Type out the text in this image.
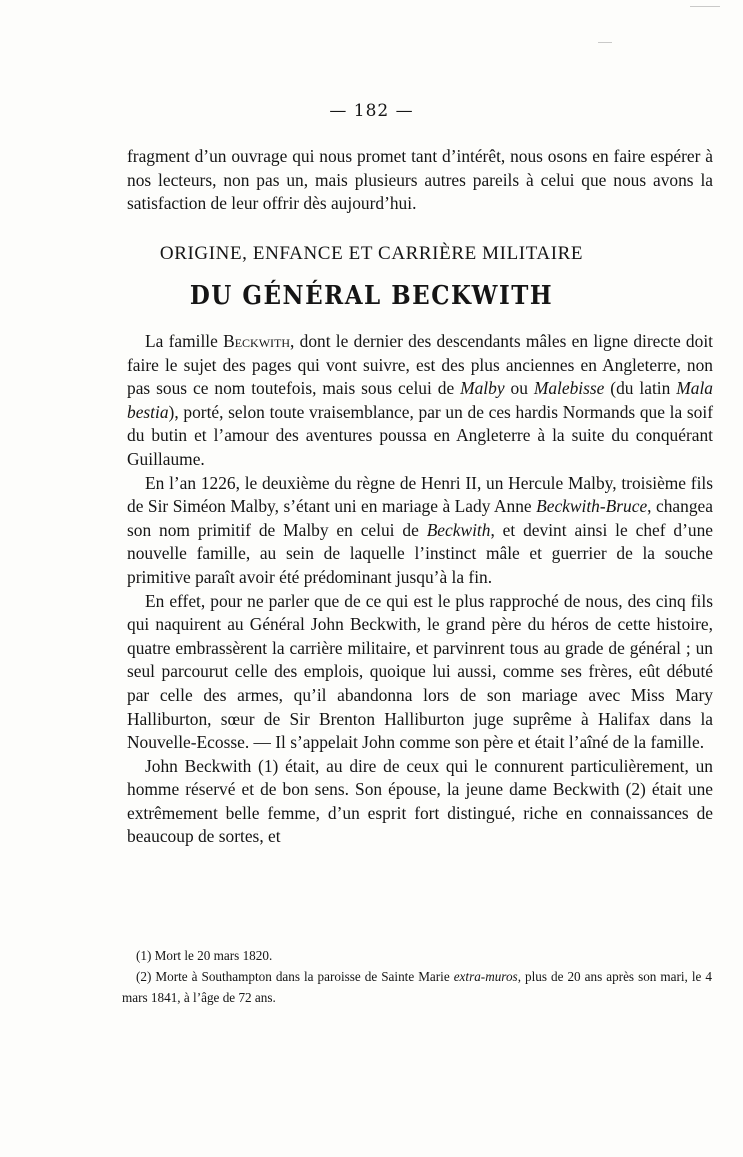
— 182 —
fragment d’un ouvrage qui nous promet tant d’intérêt, nous osons en faire espérer à nos lecteurs, non pas un, mais plusieurs autres pareils à celui que nous avons la satisfaction de leur offrir dès aujourd’hui.
ORIGINE, ENFANCE ET CARRIÈRE MILITAIRE
DU GÉNÉRAL BECKWITH

La famille Beckwith, dont le dernier des descendants mâles en ligne directe doit faire le sujet des pages qui vont suivre, est des plus anciennes en Angleterre, non pas sous ce nom toutefois, mais sous celui de Malby ou Malebisse (du latin Mala bestia), porté, selon toute vraisemblance, par un de ces hardis Normands que la soif du butin et l’amour des aventures poussa en Angleterre à la suite du conquérant Guillaume.

En l’an 1226, le deuxième du règne de Henri II, un Hercule Malby, troisième fils de Sir Siméon Malby, s’étant uni en mariage à Lady Anne Beckwith-Bruce, changea son nom primitif de Malby en celui de Beckwith, et devint ainsi le chef d’une nouvelle famille, au sein de laquelle l’instinct mâle et guerrier de la souche primitive paraît avoir été prédominant jusqu’à la fin.

En effet, pour ne parler que de ce qui est le plus rapproché de nous, des cinq fils qui naquirent au Général John Beckwith, le grand père du héros de cette histoire, quatre embrassèrent la carrière militaire, et parvinrent tous au grade de général ; un seul parcourut celle des emplois, quoique lui aussi, comme ses frères, eût débuté par celle des armes, qu’il abandonna lors de son mariage avec Miss Mary Halliburton, sœur de Sir Brenton Halliburton juge suprême à Halifax dans la Nouvelle-Ecosse. — Il s’appelait John comme son père et était l’aîné de la famille.

John Beckwith (1) était, au dire de ceux qui le connurent particulièrement, un homme réservé et de bon sens. Son épouse, la jeune dame Beckwith (2) était une extrêmement belle femme, d’un esprit fort distingué, riche en connaissances de beaucoup de sortes, et

(1) Mort le 20 mars 1820.

(2) Morte à Southampton dans la paroisse de Sainte Marie extra-muros, plus de 20 ans après son mari, le 4 mars 1841, à l’âge de 72 ans.
